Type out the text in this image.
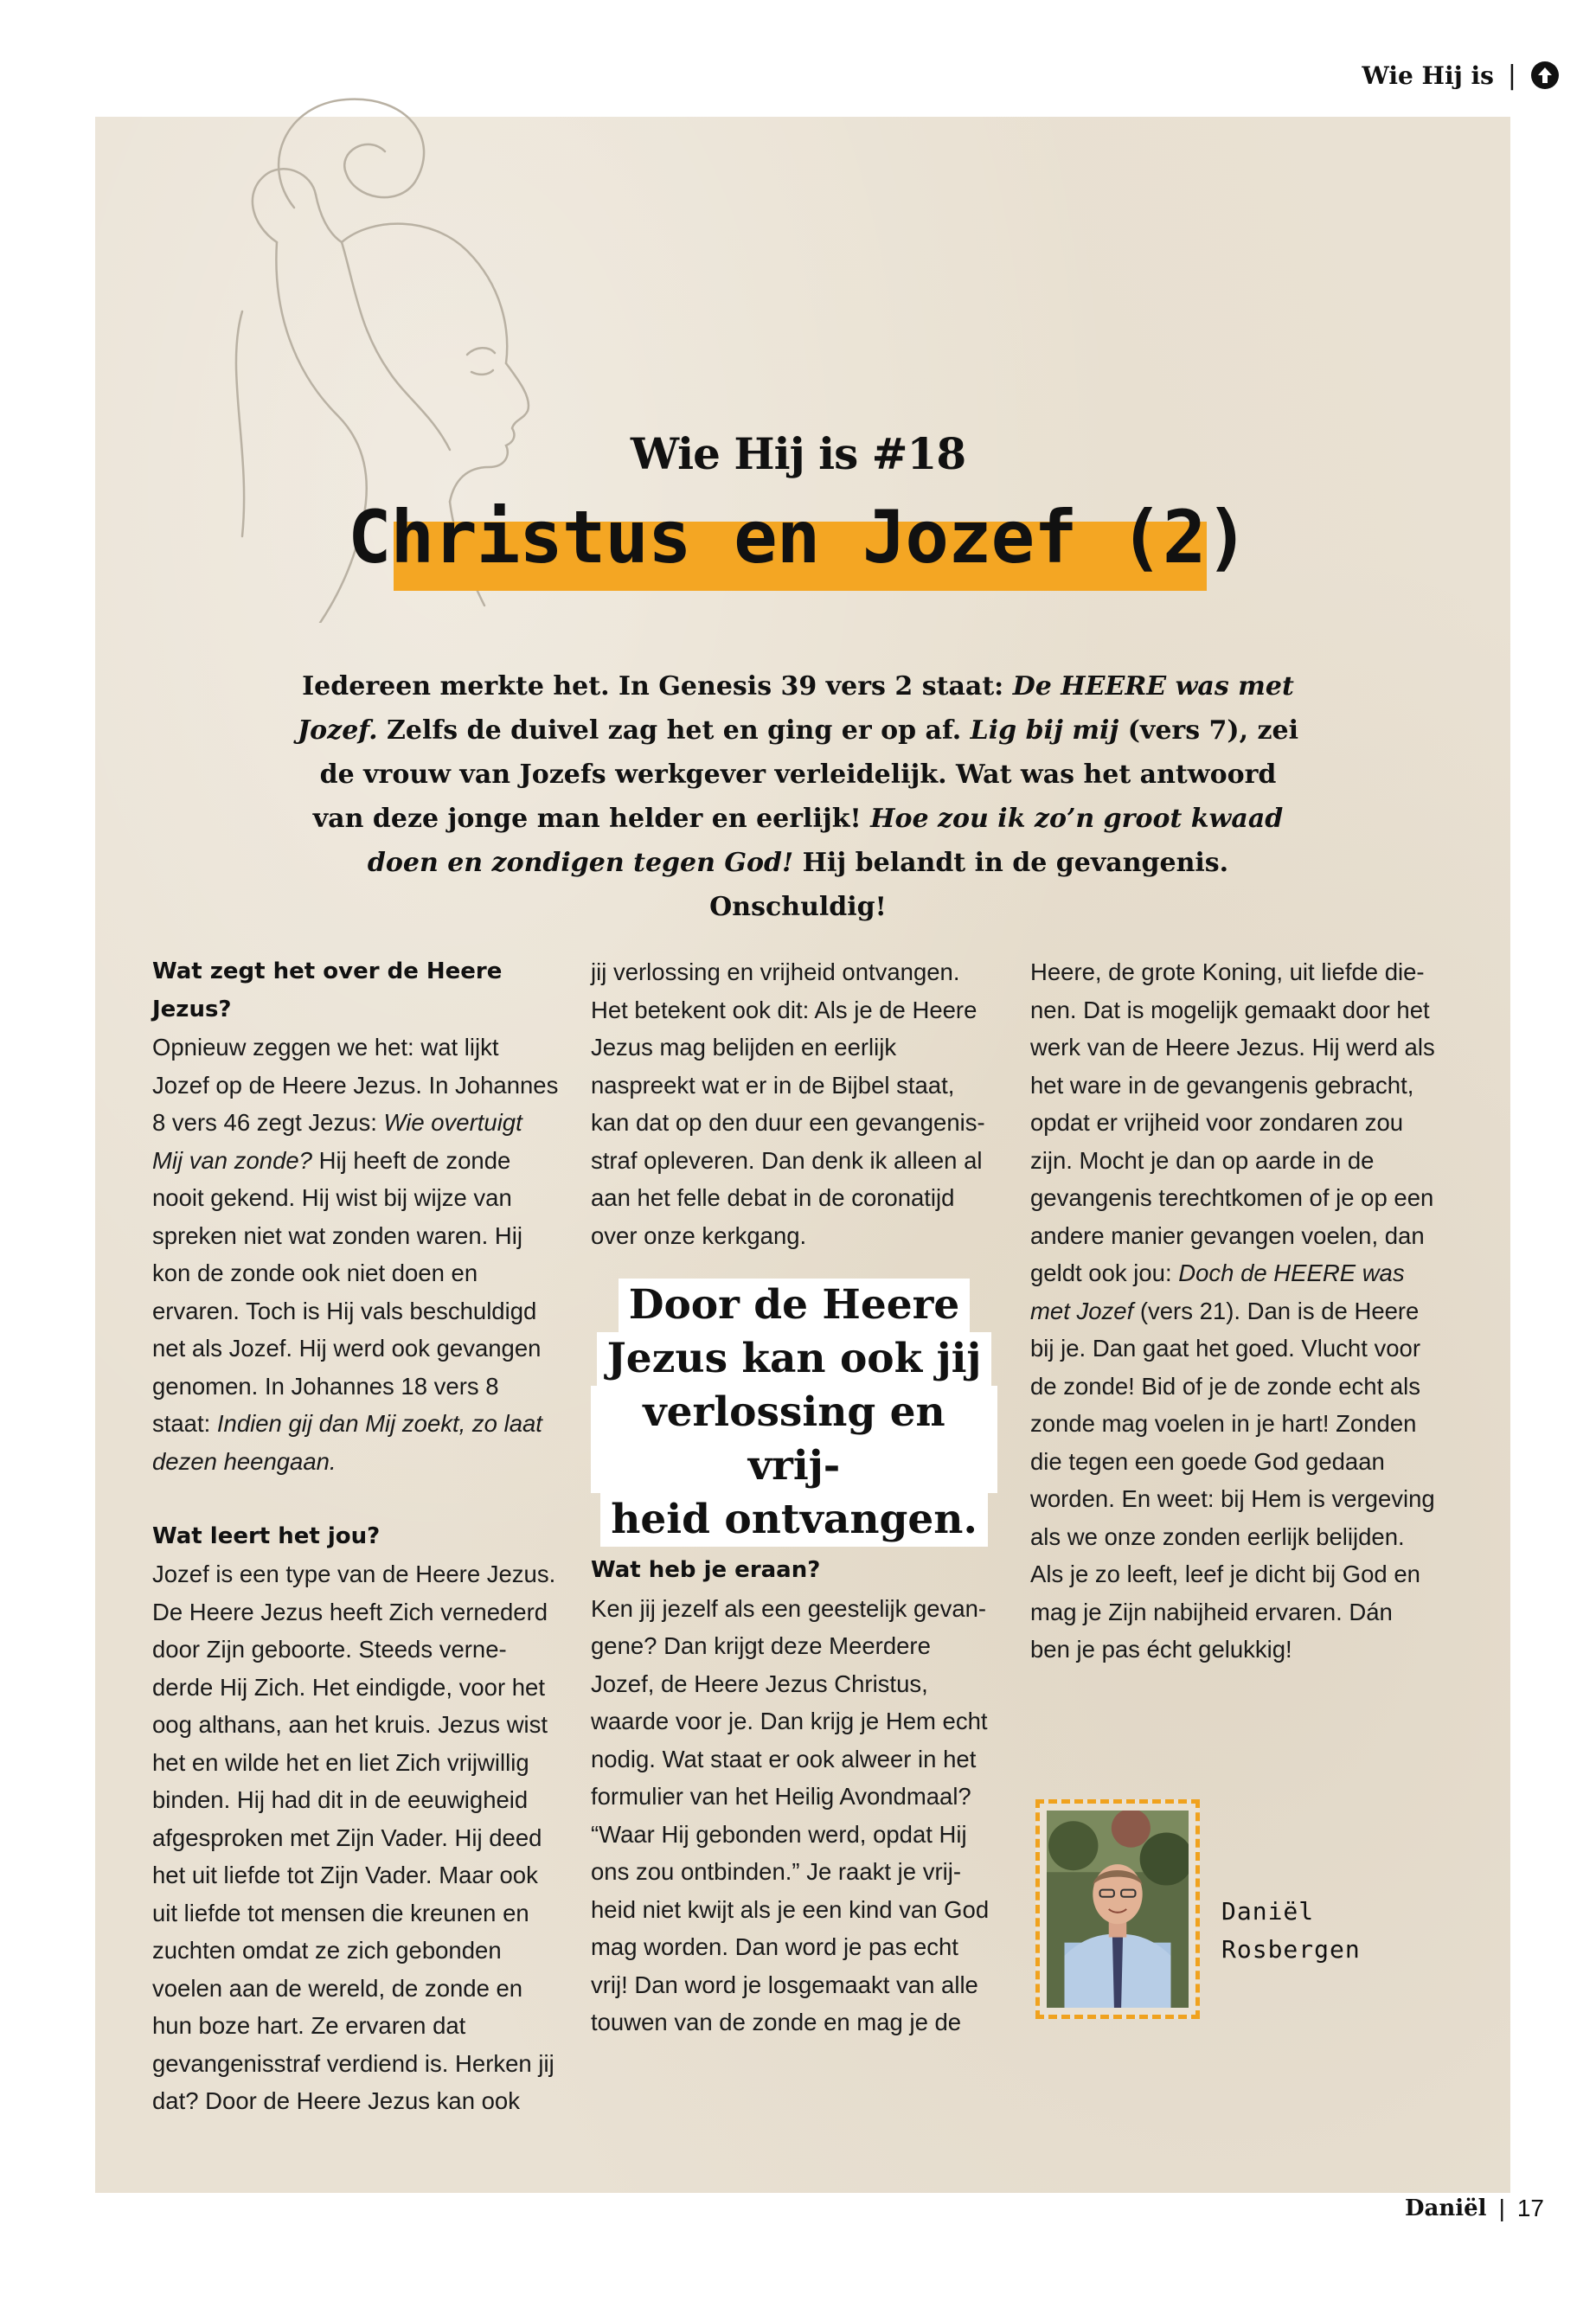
Wie Hij is |
Wie Hij is #18
Christus en Jozef (2)

Iedereen merkte het. In Genesis 39 vers 2 staat: De HEERE was met Jozef. Zelfs de duivel zag het en ging er op af. Lig bij mij (vers 7), zei de vrouw van Jozefs werkgever verleidelijk. Wat was het antwoord van deze jonge man helder en eerlijk! Hoe zou ik zo’n groot kwaad doen en zondigen tegen God! Hij belandt in de gevangenis. Onschuldig!

Wat zegt het over de Heere Jezus?

Opnieuw zeggen we het: wat lijkt Jozef op de Heere Jezus. In Johannes 8 vers 46 zegt Jezus: Wie overtuigt Mij van zonde? Hij heeft de zonde nooit gekend. Hij wist bij wijze van spreken niet wat zonden waren. Hij kon de zonde ook niet doen en ervaren. Toch is Hij vals beschuldigd net als Jozef. Hij werd ook gevangen genomen. In Johannes 18 vers 8 staat: Indien gij dan Mij zoekt, zo laat dezen heengaan.

Wat leert het jou?

Jozef is een type van de Heere Jezus. De Heere Jezus heeft Zich vernederd door Zijn geboorte. Steeds vernederde Hij Zich. Het eindigde, voor het oog althans, aan het kruis. Jezus wist het en wilde het en liet Zich vrijwillig binden. Hij had dit in de eeuwigheid afgesproken met Zijn Vader. Hij deed het uit liefde tot Zijn Vader. Maar ook uit liefde tot mensen die kreunen en zuchten omdat ze zich gebonden voelen aan de wereld, de zonde en hun boze hart. Ze ervaren dat gevangenisstraf verdiend is. Herken jij dat? Door de Heere Jezus kan ook

jij verlossing en vrijheid ontvangen. Het betekent ook dit: Als je de Heere Jezus mag belijden en eerlijk naspreekt wat er in de Bijbel staat, kan dat op den duur een gevangenisstraf opleveren. Dan denk ik alleen al aan het felle debat in de coronatijd over onze kerkgang.

Door de Heere
Jezus kan ook jij
verlossing en vrij-
heid ontvangen.
Wat heb je eraan?

Ken jij jezelf als een geestelijk gevangene? Dan krijgt deze Meerdere Jozef, de Heere Jezus Christus, waarde voor je. Dan krijg je Hem echt nodig. Wat staat er ook alweer in het formulier van het Heilig Avondmaal? “Waar Hij gebonden werd, opdat Hij ons zou ontbinden.” Je raakt je vrijheid niet kwijt als je een kind van God mag worden. Dan word je pas echt vrij! Dan word je losgemaakt van alle touwen van de zonde en mag je de

Heere, de grote Koning, uit liefde dienen. Dat is mogelijk gemaakt door het werk van de Heere Jezus. Hij werd als het ware in de gevangenis gebracht, opdat er vrijheid voor zondaren zou zijn. Mocht je dan op aarde in de gevangenis terechtkomen of je op een andere manier gevangen voelen, dan geldt ook jou: Doch de HEERE was met Jozef (vers 21). Dan is de Heere bij je. Dan gaat het goed. Vlucht voor de zonde! Bid of je de zonde echt als zonde mag voelen in je hart! Zonden die tegen een goede God gedaan worden. En weet: bij Hem is vergeving als we onze zonden eerlijk belijden. Als je zo leeft, leef je dicht bij God en mag je Zijn nabijheid ervaren. Dán ben je pas écht gelukkig!

Daniël
Rosbergen
Daniël | 17
